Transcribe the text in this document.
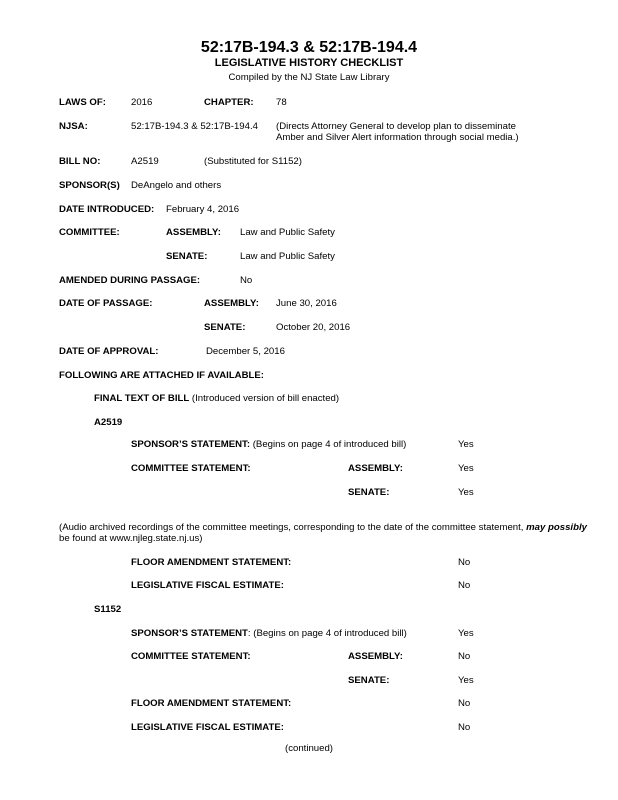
52:17B-194.3 & 52:17B-194.4
LEGISLATIVE HISTORY CHECKLIST
Compiled by the NJ State Law Library
LAWS OF:	2016	CHAPTER: 78
NJSA:	52:17B-194.3 & 52:17B-194.4 (Directs Attorney General to develop plan to disseminate
Amber and Silver Alert information through social media.)
BILL NO:	A2519	(Substituted for S1152)
SPONSOR(S) DeAngelo and others
DATE INTRODUCED: February 4, 2016
COMMITTEE:	ASSEMBLY: Law and Public Safety
SENATE:	Law and Public Safety
AMENDED DURING PASSAGE:	No
DATE OF PASSAGE:	ASSEMBLY: June 30, 2016
SENATE:	October 20, 2016
DATE OF APPROVAL:	December 5, 2016
FOLLOWING ARE ATTACHED IF AVAILABLE:
FINAL TEXT OF BILL (Introduced version of bill enacted)
A2519
SPONSOR’S STATEMENT: (Begins on page 4 of introduced bill)	Yes
COMMITTEE STATEMENT:	ASSEMBLY:	Yes
SENATE:	Yes
(Audio archived recordings of the committee meetings, corresponding to the date of the committee statement, may possibly
be found at www.njleg.state.nj.us)
FLOOR AMENDMENT STATEMENT:	No
LEGISLATIVE FISCAL ESTIMATE:	No
S1152
SPONSOR’S STATEMENT: (Begins on page 4 of introduced bill)	Yes
COMMITTEE STATEMENT:	ASSEMBLY:	No
SENATE:	Yes
FLOOR AMENDMENT STATEMENT:	No
LEGISLATIVE FISCAL ESTIMATE:	No
(continued)
